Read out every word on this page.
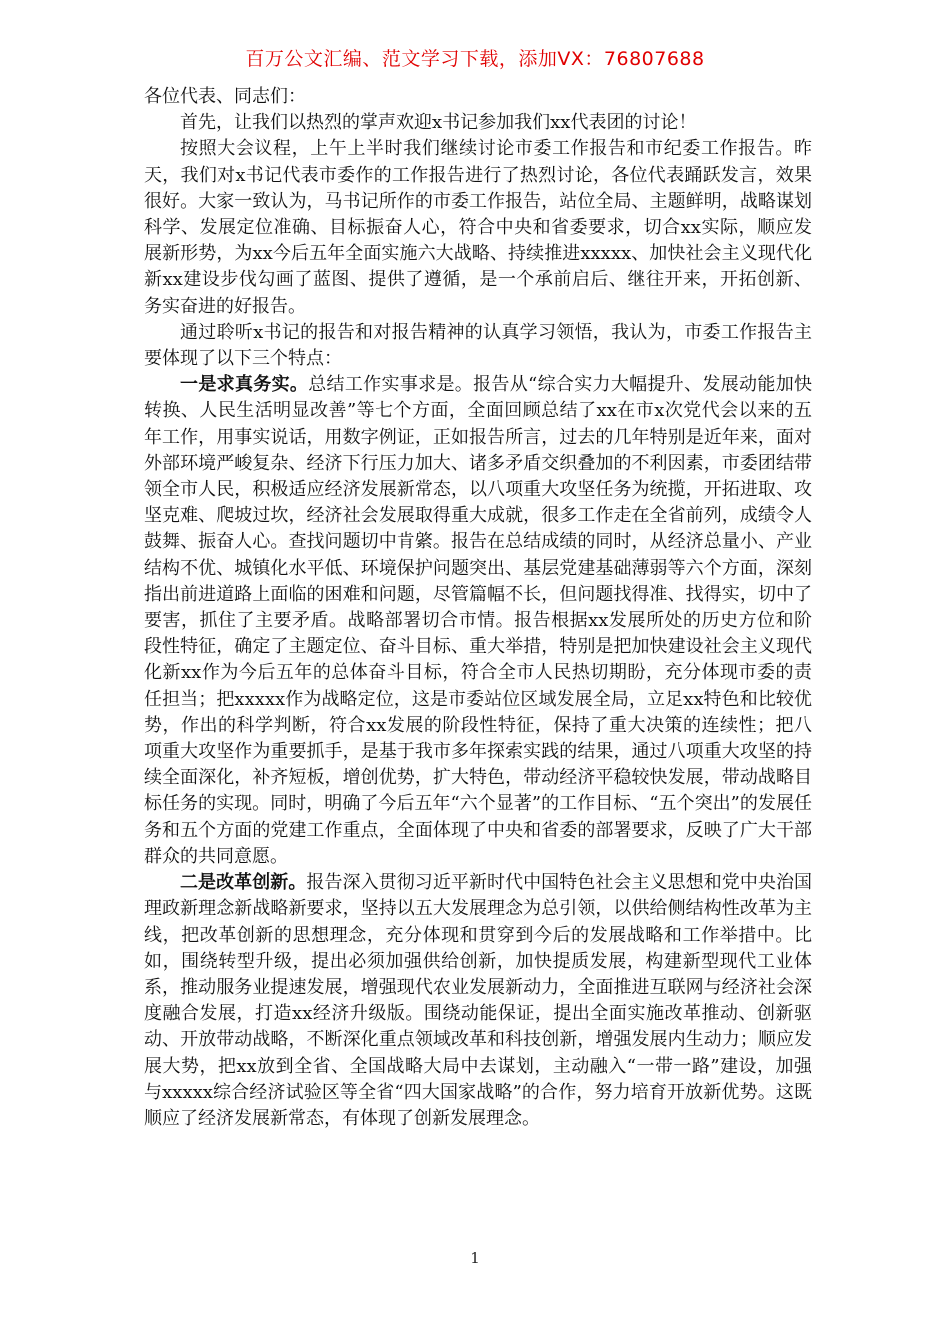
百万公文汇编、范文学习下载，添加VX：76807688

各位代表、同志们：

首先，让我们以热烈的掌声欢迎x书记参加我们xx代表团的讨论！

按照大会议程，上午上半时我们继续讨论市委工作报告和市纪委工作报告。昨天，我们对x书记代表市委作的工作报告进行了热烈讨论，各位代表踊跃发言，效果很好。大家一致认为，马书记所作的市委工作报告，站位全局、主题鲜明，战略谋划科学、发展定位准确、目标振奋人心，符合中央和省委要求，切合xx实际，顺应发展新形势，为xx今后五年全面实施六大战略、持续推进xxxxx、加快社会主义现代化新xx建设步伐勾画了蓝图、提供了遵循，是一个承前启后、继往开来，开拓创新、务实奋进的好报告。

通过聆听x书记的报告和对报告精神的认真学习领悟，我认为，市委工作报告主要体现了以下三个特点：

一是求真务实。总结工作实事求是。报告从“综合实力大幅提升、发展动能加快转换、人民生活明显改善”等七个方面，全面回顾总结了xx在市x次党代会以来的五年工作，用事实说话，用数字例证，正如报告所言，过去的几年特别是近年来，面对外部环境严峻复杂、经济下行压力加大、诸多矛盾交织叠加的不利因素，市委团结带领全市人民，积极适应经济发展新常态，以八项重大攻坚任务为统揽，开拓进取、攻坚克难、爬坡过坎，经济社会发展取得重大成就，很多工作走在全省前列，成绩令人鼓舞、振奋人心。查找问题切中肯綮。报告在总结成绩的同时，从经济总量小、产业结构不优、城镇化水平低、环境保护问题突出、基层党建基础薄弱等六个方面，深刻指出前进道路上面临的困难和问题，尽管篇幅不长，但问题找得准、找得实，切中了要害，抓住了主要矛盾。战略部署切合市情。报告根据xx发展所处的历史方位和阶段性特征，确定了主题定位、奋斗目标、重大举措，特别是把加快建设社会主义现代化新xx作为今后五年的总体奋斗目标，符合全市人民热切期盼，充分体现市委的责任担当；把xxxxx作为战略定位，这是市委站位区域发展全局，立足xx特色和比较优势，作出的科学判断，符合xx发展的阶段性特征，保持了重大决策的连续性；把八项重大攻坚作为重要抓手，是基于我市多年探索实践的结果，通过八项重大攻坚的持续全面深化，补齐短板，增创优势，扩大特色，带动经济平稳较快发展，带动战略目标任务的实现。同时，明确了今后五年“六个显著”的工作目标、“五个突出”的发展任务和五个方面的党建工作重点，全面体现了中央和省委的部署要求，反映了广大干部群众的共同意愿。

二是改革创新。报告深入贯彻习近平新时代中国特色社会主义思想和党中央治国理政新理念新战略新要求，坚持以五大发展理念为总引领，以供给侧结构性改革为主线，把改革创新的思想理念，充分体现和贯穿到今后的发展战略和工作举措中。比如，围绕转型升级，提出必须加强供给创新，加快提质发展，构建新型现代工业体系，推动服务业提速发展，增强现代农业发展新动力，全面推进互联网与经济社会深度融合发展，打造xx经济升级版。围绕动能保证，提出全面实施改革推动、创新驱动、开放带动战略，不断深化重点领域改革和科技创新，增强发展内生动力；顺应发展大势，把xx放到全省、全国战略大局中去谋划，主动融入“一带一路”建设，加强与xxxxx综合经济试验区等全省“四大国家战略”的合作，努力培育开放新优势。这既顺应了经济发展新常态，有体现了创新发展理念。

1
